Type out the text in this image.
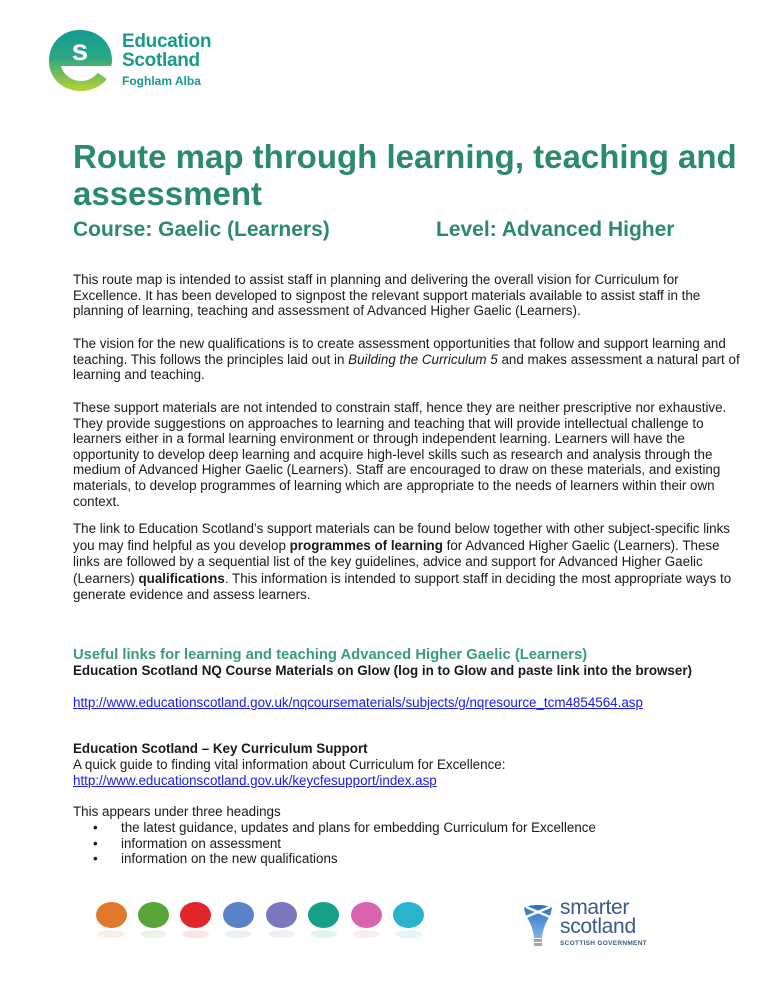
s Education
Scotland
Foghlam Alba
Route map through learning, teaching and assessment
Course: Gaelic (Learners)	Level: Advanced Higher

This route map is intended to assist staff in planning and delivering the overall vision for Curriculum for Excellence. It has been developed to signpost the relevant support materials available to assist staff in the planning of learning, teaching and assessment of Advanced Higher Gaelic (Learners).

The vision for the new qualifications is to create assessment opportunities that follow and support learning and teaching. This follows the principles laid out in Building the Curriculum 5 and makes assessment a natural part of learning and teaching.

These support materials are not intended to constrain staff, hence they are neither prescriptive nor exhaustive. They provide suggestions on approaches to learning and teaching that will provide intellectual challenge to learners either in a formal learning environment or through independent learning. Learners will have the opportunity to develop deep learning and acquire high-level skills such as research and analysis through the medium of Advanced Higher Gaelic (Learners). Staff are encouraged to draw on these materials, and existing materials, to develop programmes of learning which are appropriate to the needs of learners within their own context.

The link to Education Scotland’s support materials can be found below together with other subject-specific links you may find helpful as you develop programmes of learning for Advanced Higher Gaelic (Learners). These links are followed by a sequential list of the key guidelines, advice and support for Advanced Higher Gaelic (Learners) qualifications. This information is intended to support staff in deciding the most appropriate ways to generate evidence and assess learners.

Useful links for learning and teaching Advanced Higher Gaelic (Learners)
Education Scotland NQ Course Materials on Glow (log in to Glow and paste link into the browser)
http://www.educationscotland.gov.uk/nqcoursematerials/subjects/g/nqresource_tcm4854564.asp
Education Scotland – Key Curriculum Support
A quick guide to finding vital information about Curriculum for Excellence:
http://www.educationscotland.gov.uk/keycfesupport/index.asp
This appears under three headings
• the latest guidance, updates and plans for embedding Curriculum for Excellence
• information on assessment
• information on the new qualifications
smarter
scotland
SCOTTISH GOVERNMENT
